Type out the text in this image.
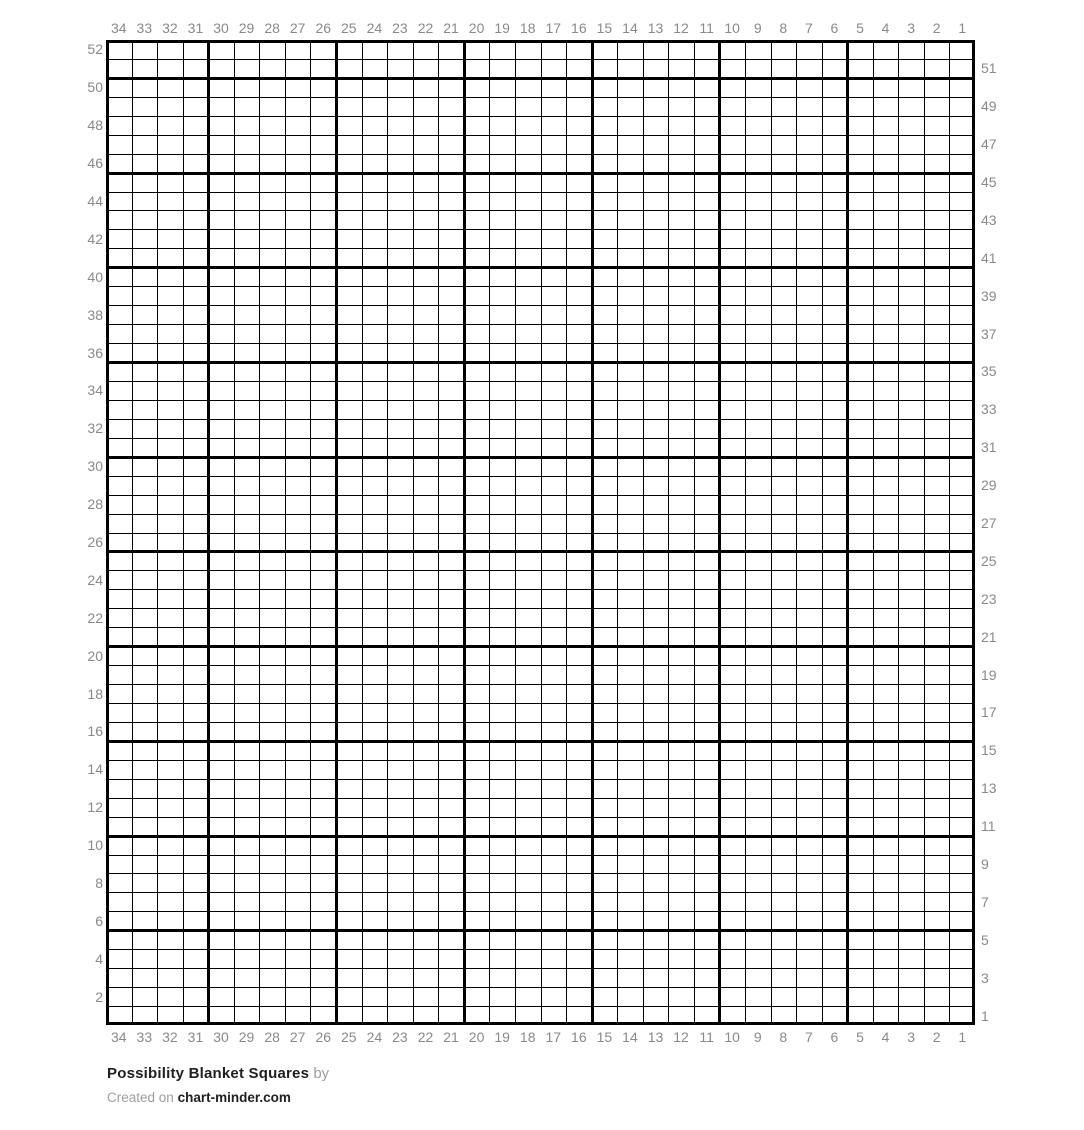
34 33 32 31 30 29 28 27 26 25 24 23 22 21 20 19 18 17 16 15 14 13 12 11 10 9	8	7	6	5	4	3	2	1
34 33 32 31 30 29 28 27 26 25 24 23 22 21 20 19 18 17 16 15 14 13 12 11 10 9	8	7	6	5	4	3	2	1
52
50
48
46
44
42
40
38
36
34
32
30
28
26
24
22
20
18
16
14
12
10
8
6
4
2
51
49
47
45
43
41
39
37
35
33
31
29
27
25
23
21
19
17
15
13
11
9
7
5
3
1
Possibility Blanket Squares by
Created on chart-minder.com
